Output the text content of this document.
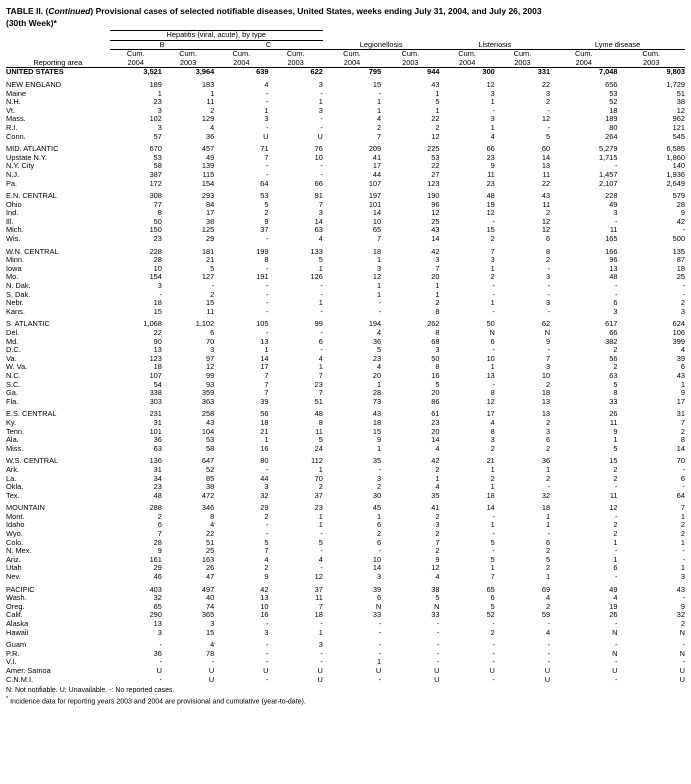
TABLE II. (Continued) Provisional cases of selected notifiable diseases, United States, weeks ending July 31, 2004, and July 26, 2003
(30th Week)*
	Hepatitis (viral, acute), by type									
	B		C		Legionellosis		Listeriosis		Lyme disease	
	Cum.	Cum.	Cum.	Cum.	Cum.	Cum.	Cum.	Cum.	Cum.	Cum.
Reporting area	2004	2003	2004	2003	2004	2003	2004	2003	2004	2003
UNITED STATES	3,521	3,964	639	622	795	944	300	331	7,048	9,803

NEW ENGLAND	189	183	4	3	15	43	12	22	656	1,729
Maine	1	1	-	-	-	1	3	3	53	51
N.H.	23	11	-	1	1	5	1	2	52	38
Vt.	3	2	1	3	1	1	-	-	18	12
Mass.	102	129	3	-	4	22	3	12	189	962
R.I.	3	4	-	-	2	2	1	-	80	121
Conn.	57	36	U	U	7	12	4	5	264	545

MID. ATLANTIC	670	457	71	76	209	225	66	60	5,279	6,585
Upstate N.Y.	53	49	7	10	41	53	23	14	1,715	1,860
N.Y. City	58	139	-	-	17	22	9	13	-	140
N.J.	387	115	-	-	44	27	11	11	1,457	1,936
Pa.	172	154	64	66	107	123	23	22	2,107	2,649

E.N. CENTRAL	308	293	53	91	197	190	48	43	228	579
Ohio	77	84	5	7	101	96	19	11	49	28
Ind.	8	17	2	3	14	12	12	2	3	9
Ill.	50	38	9	14	10	25	-	12	-	42
Mich.	150	125	37	63	65	43	15	12	11	-
Wis.	23	29	-	4	7	14	2	6	165	500

W.N. CENTRAL	228	181	199	133	18	42	7	8	166	135
Minn.	28	21	8	5	1	3	3	2	96	87
Iowa	10	5	-	1	3	7	1	-	13	18
Mo.	154	127	191	126	12	20	2	3	48	25
N. Dak.	3	-	-	-	1	1	-	-	-	-
S. Dak.	-	2	-	-	1	1	-	-	-	-
Nebr.	18	15	-	1	-	2	1	3	6	2
Kans.	15	11	-	-	-	8	-	-	3	3

S. ATLANTIC	1,068	1,102	105	99	194	262	50	62	617	624
Del.	22	6	-	-	4	8	N	N	66	106
Md.	90	70	13	6	36	68	6	9	382	399
D.C.	13	3	1	-	5	3	-	-	2	4
Va.	123	97	14	4	23	50	10	7	56	39
W. Va.	18	12	17	1	4	8	1	3	2	6
N.C.	107	99	7	7	20	16	13	10	63	43
S.C.	54	93	7	23	1	5	-	2	5	1
Ga.	338	359	7	7	28	20	8	18	8	9
Fla.	303	363	39	51	73	86	12	13	33	17

E.S. CENTRAL	231	258	56	48	43	61	17	13	26	31
Ky.	31	43	18	8	18	23	4	2	11	7
Tenn.	101	104	21	11	15	20	8	3	9	2
Ala.	36	53	1	5	9	14	3	6	1	8
Miss.	63	58	16	24	1	4	2	2	5	14

W.S. CENTRAL	136	647	80	112	35	42	21	36	15	70
Ark.	31	52	-	1	-	2	1	1	2	-
La.	34	85	44	70	3	1	2	2	2	6
Okla.	23	38	3	2	2	4	1	-	-	-
Tex.	48	472	32	37	30	35	18	32	11	64

MOUNTAIN	288	346	29	23	45	41	14	18	12	7
Mont.	2	8	2	1	1	2	-	1	-	1
Idaho	6	4	-	1	6	3	1	1	2	2
Wyo.	7	22	-	-	2	2	-	-	2	2
Colo.	28	51	5	5	6	7	5	6	1	1
N. Mex.	9	25	7	-	-	2	-	2	-	-
Ariz.	161	163	4	4	10	9	5	5	1	-
Utah	29	26	2	-	14	12	1	2	6	1
Nev.	46	47	9	12	3	4	7	1	-	3

PACIFIC	403	497	42	37	39	38	65	69	49	43
Wash.	32	40	13	11	6	5	6	4	4	-
Oreg.	65	74	10	7	N	N	5	2	19	9
Calif.	290	365	16	18	33	33	52	59	26	32
Alaska	13	3	-	-	-	-	-	-	-	2
Hawaii	3	15	3	1	-	-	2	4	N	N

Guam	-	4	-	3	-	-	-	-	-	-
P.R.	36	78	-	-	-	-	-	-	N	N
V.I.	-	-	-	-	1	-	-	-	-	-
Amer. Samoa	U	U	U	U	U	U	U	U	U	U
C.N.M.I.	-	U	-	U	-	U	-	U	-	U
N: Not notifiable. U: Unavailable. -: No reported cases.
* Incidence data for reporting years 2003 and 2004 are provisional and cumulative (year-to-date).
